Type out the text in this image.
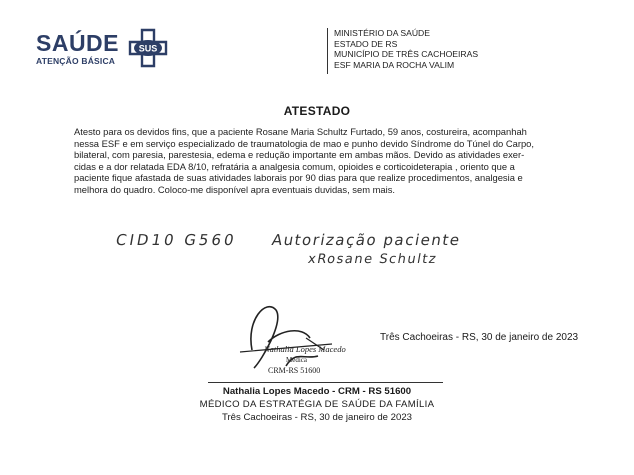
SAÚDE
ATENÇÃO BÁSICA
SUS
MINISTÉRIO DA SAÚDE
ESTADO DE RS
MUNICÍPIO DE TRÊS CACHOEIRAS
ESF MARIA DA ROCHA VALIM
ATESTADO
Atesto para os devidos fins, que a paciente Rosane Maria Schultz Furtado, 59 anos, costureira, acompanhah
nessa ESF e em serviço especializado de traumatologia de mao e punho devido Síndrome do Túnel do Carpo,
bilateral, com paresia, parestesia, edema e redução importante em ambas mãos. Devido as atividades exer-
cidas e a dor relatada EDA 8/10, refratária a analgesia comum, opioides e corticoideterapia , oriento que a
paciente fique afastada de suas atividades laborais por 90 dias para que realize procedimentos, analgesia e
melhora do quadro. Coloco-me disponível apra eventuais duvidas, sem mais.
CID10 G560 Autorização paciente
xRosane Schultz
Três Cachoeiras - RS, 30 de janeiro de 2023
Nathalia Lopes Macedo
Médica
CRM-RS 51600
Nathalia Lopes Macedo - CRM - RS 51600
MÉDICO DA ESTRATÉGIA DE SAÚDE DA FAMÍLIA
Três Cachoeiras - RS, 30 de janeiro de 2023
